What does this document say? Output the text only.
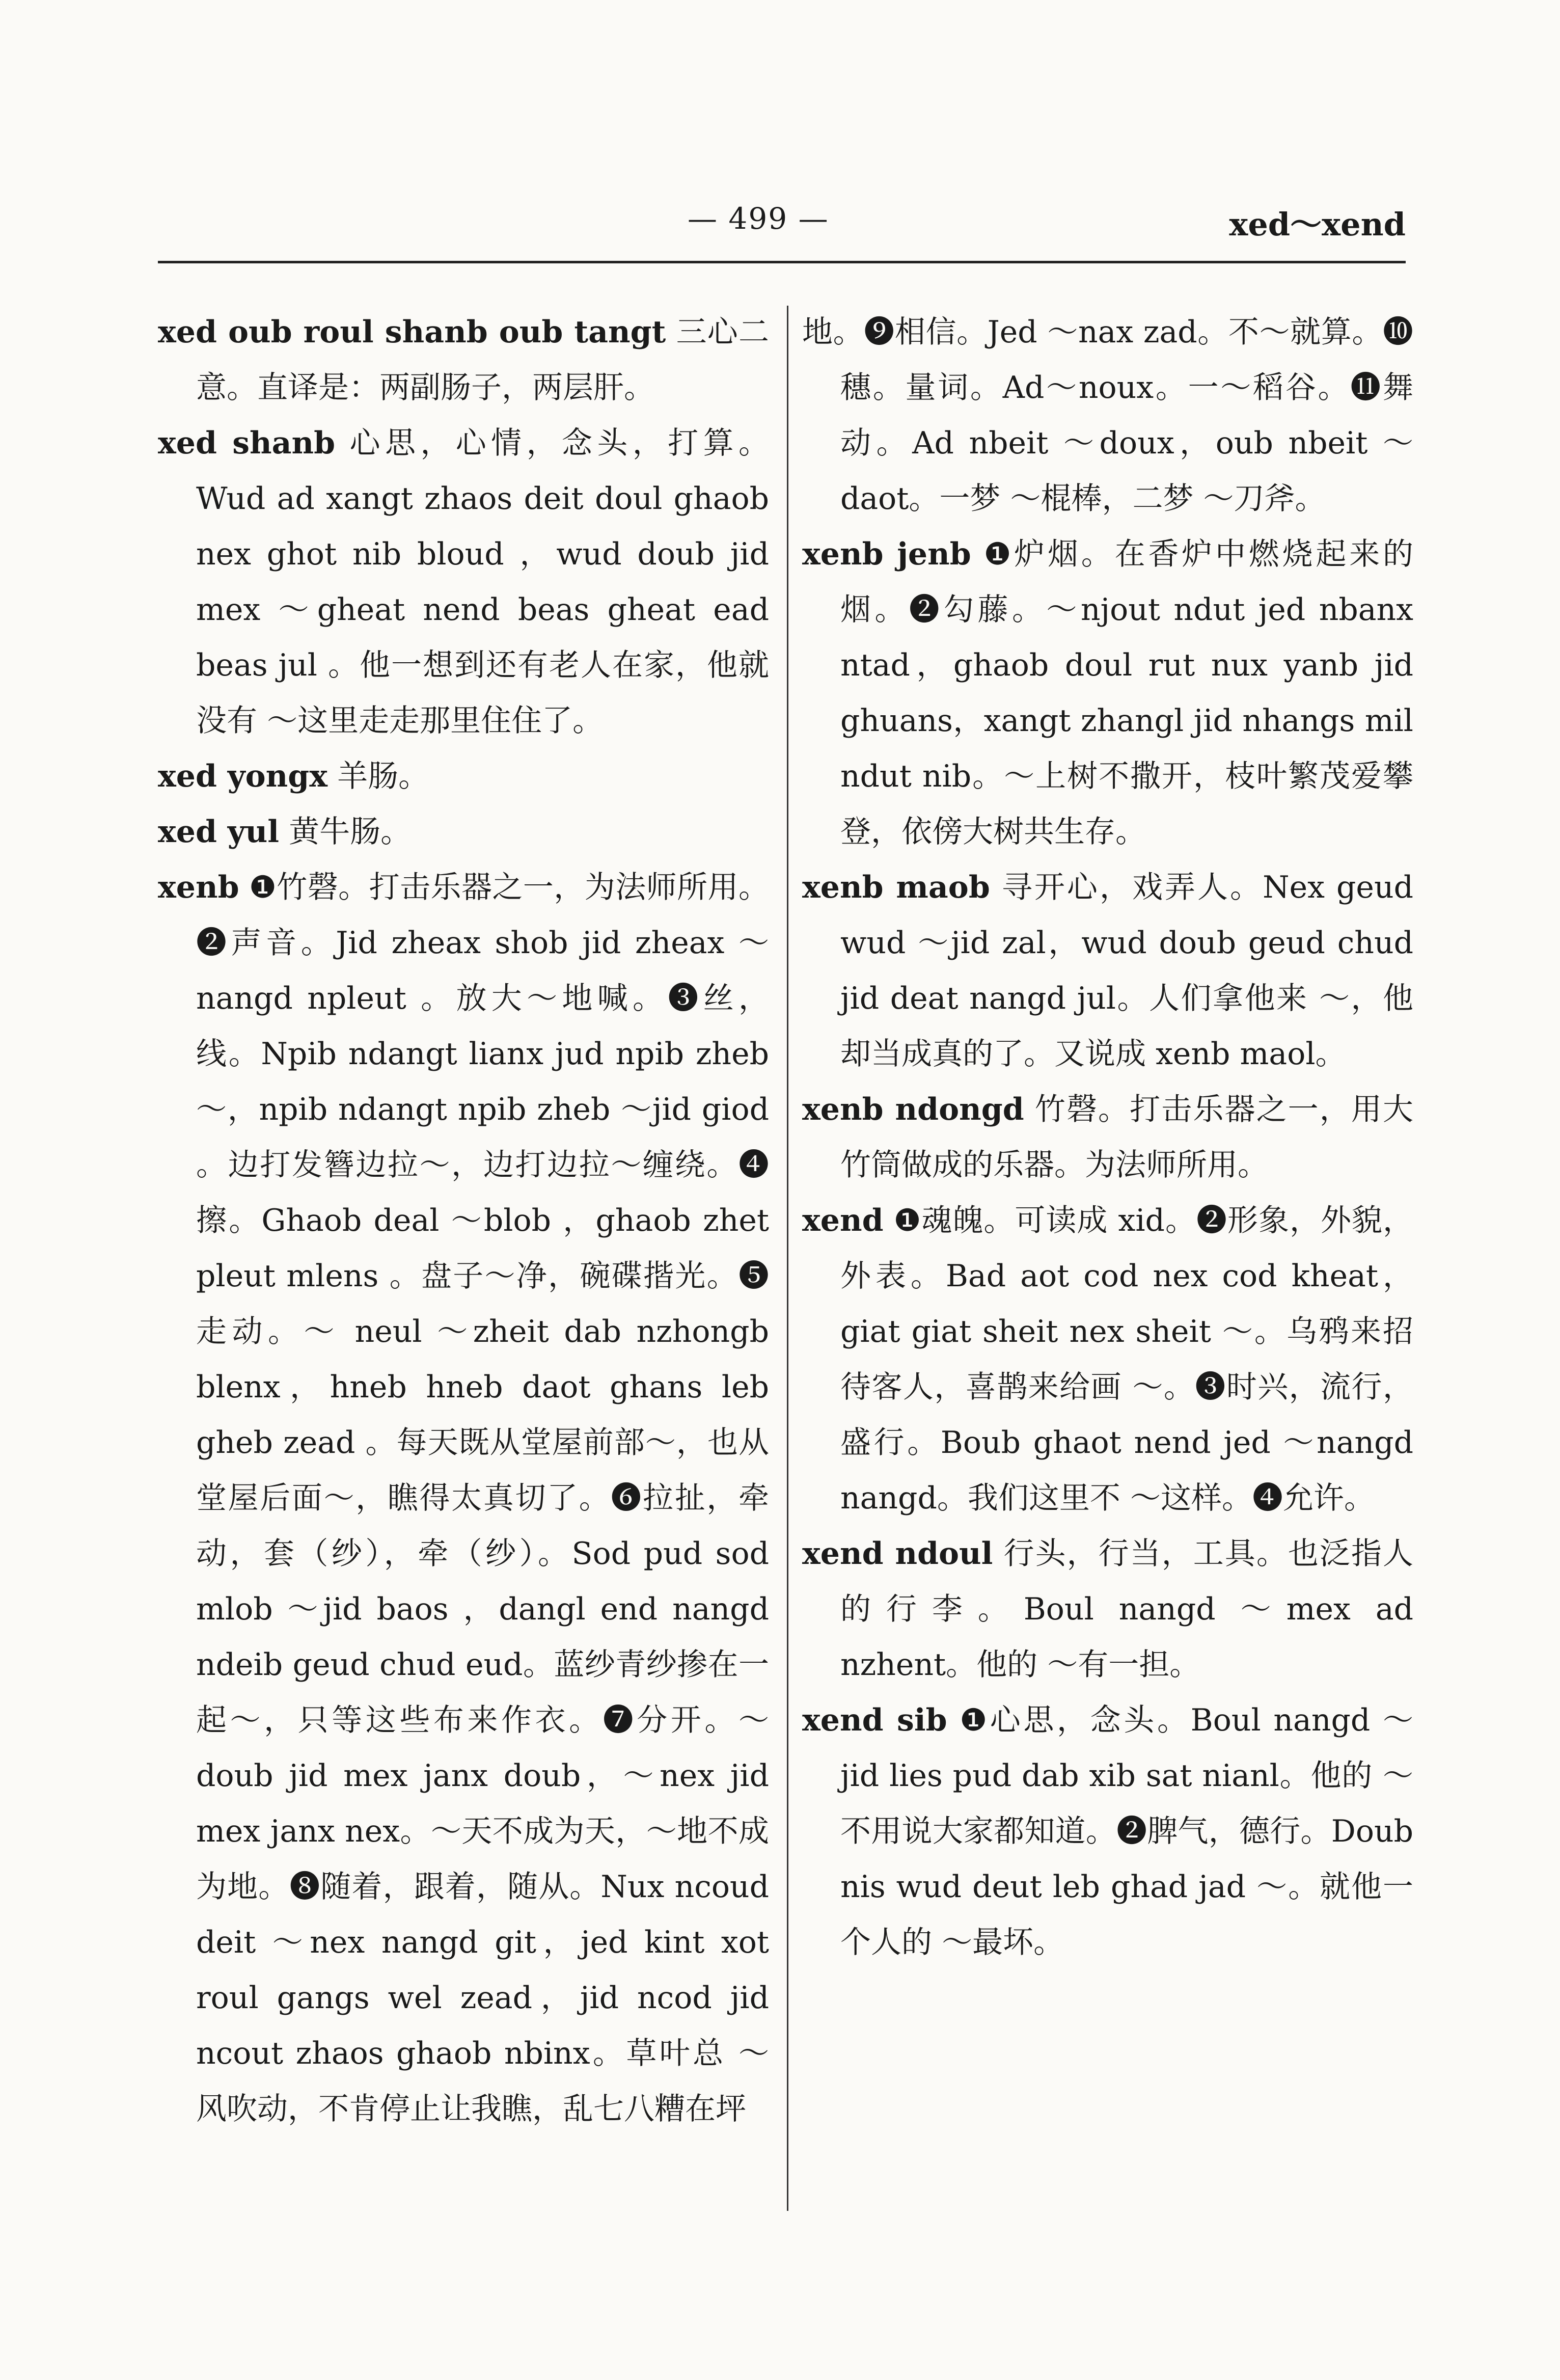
— 499 —	xed～xend

xed oub roul shanb oub tangt 三心二意。直译是：两副肠子，两层肝。

xed shanb 心思，心情，念头，打算。Wud ad xangt zhaos deit doul ghaob nex ghot nib bloud ，wud doub jid mex ～gheat nend beas gheat ead beas jul 。他一想到还有老人在家，他就没有 ～这里走走那里住住了。

xed yongx 羊肠。

xed yul 黄牛肠。

xenb ❶竹磬。打击乐器之一，为法师所用。❷声音。Jid zheax shob jid zheax ～nangd npleut 。放大～地喊。❸丝，线。Npib ndangt lianx jud npib zheb～，npib ndangt npib zheb ～jid giod 。边打发簪边拉～，边打边拉～缠绕。❹擦。Ghaob deal ～blob ，ghaob zhet pleut mlens 。盘子～净，碗碟揩光。❺走动。～ neul ～zheit dab nzhongb blenx，hneb hneb daot ghans leb gheb zead 。每天既从堂屋前部～，也从堂屋后面～，瞧得太真切了。❻拉扯，牵动，套（纱），牵（纱）。Sod pud sod mlob ～jid baos ，dangl end nangd ndeib geud chud eud。蓝纱青纱掺在一起～，只等这些布来作衣。❼分开。～doub jid mex janx doub，～nex jid mex janx nex。～天不成为天，～地不成为地。❽随着，跟着，随从。Nux ncoud deit ～nex nangd git，jed kint xot roul gangs wel zead，jid ncod jid ncout zhaos ghaob nbinx。草叶总 ～风吹动，不肯停止让我瞧，乱七八糟在坪

地。❾相信。Jed ～nax zad。不～就算。❿穗。量词。Ad～noux。一～稻谷。⓫舞动。Ad nbeit ～doux，oub nbeit ～daot。一梦 ～棍棒，二梦 ～刀斧。

xenb jenb ❶炉烟。在香炉中燃烧起来的烟。❷勾藤。～njout ndut jed nbanx ntad，ghaob doul rut nux yanb jid ghuans，xangt zhangl jid nhangs mil ndut nib。～上树不撒开，枝叶繁茂爱攀登，依傍大树共生存。

xenb maob 寻开心，戏弄人。Nex geud wud ～jid zal，wud doub geud chud jid deat nangd jul。人们拿他来 ～，他却当成真的了。又说成 xenb maol。

xenb ndongd 竹磬。打击乐器之一，用大竹筒做成的乐器。为法师所用。

xend ❶魂魄。可读成 xid。❷形象，外貌，外表。Bad aot cod nex cod kheat，giat giat sheit nex sheit ～。乌鸦来招待客人，喜鹊来给画 ～。❸时兴，流行，盛行。Boub ghaot nend jed ～nangd nangd。我们这里不 ～这样。❹允许。

xend ndoul 行头，行当，工具。也泛指人的行李。Boul nangd ～mex ad nzhent。他的 ～有一担。

xend sib ❶心思，念头。Boul nangd ～jid lies pud dab xib sat nianl。他的 ～不用说大家都知道。❷脾气，德行。Doub nis wud deut leb ghad jad ～。就他一个人的 ～最坏。
